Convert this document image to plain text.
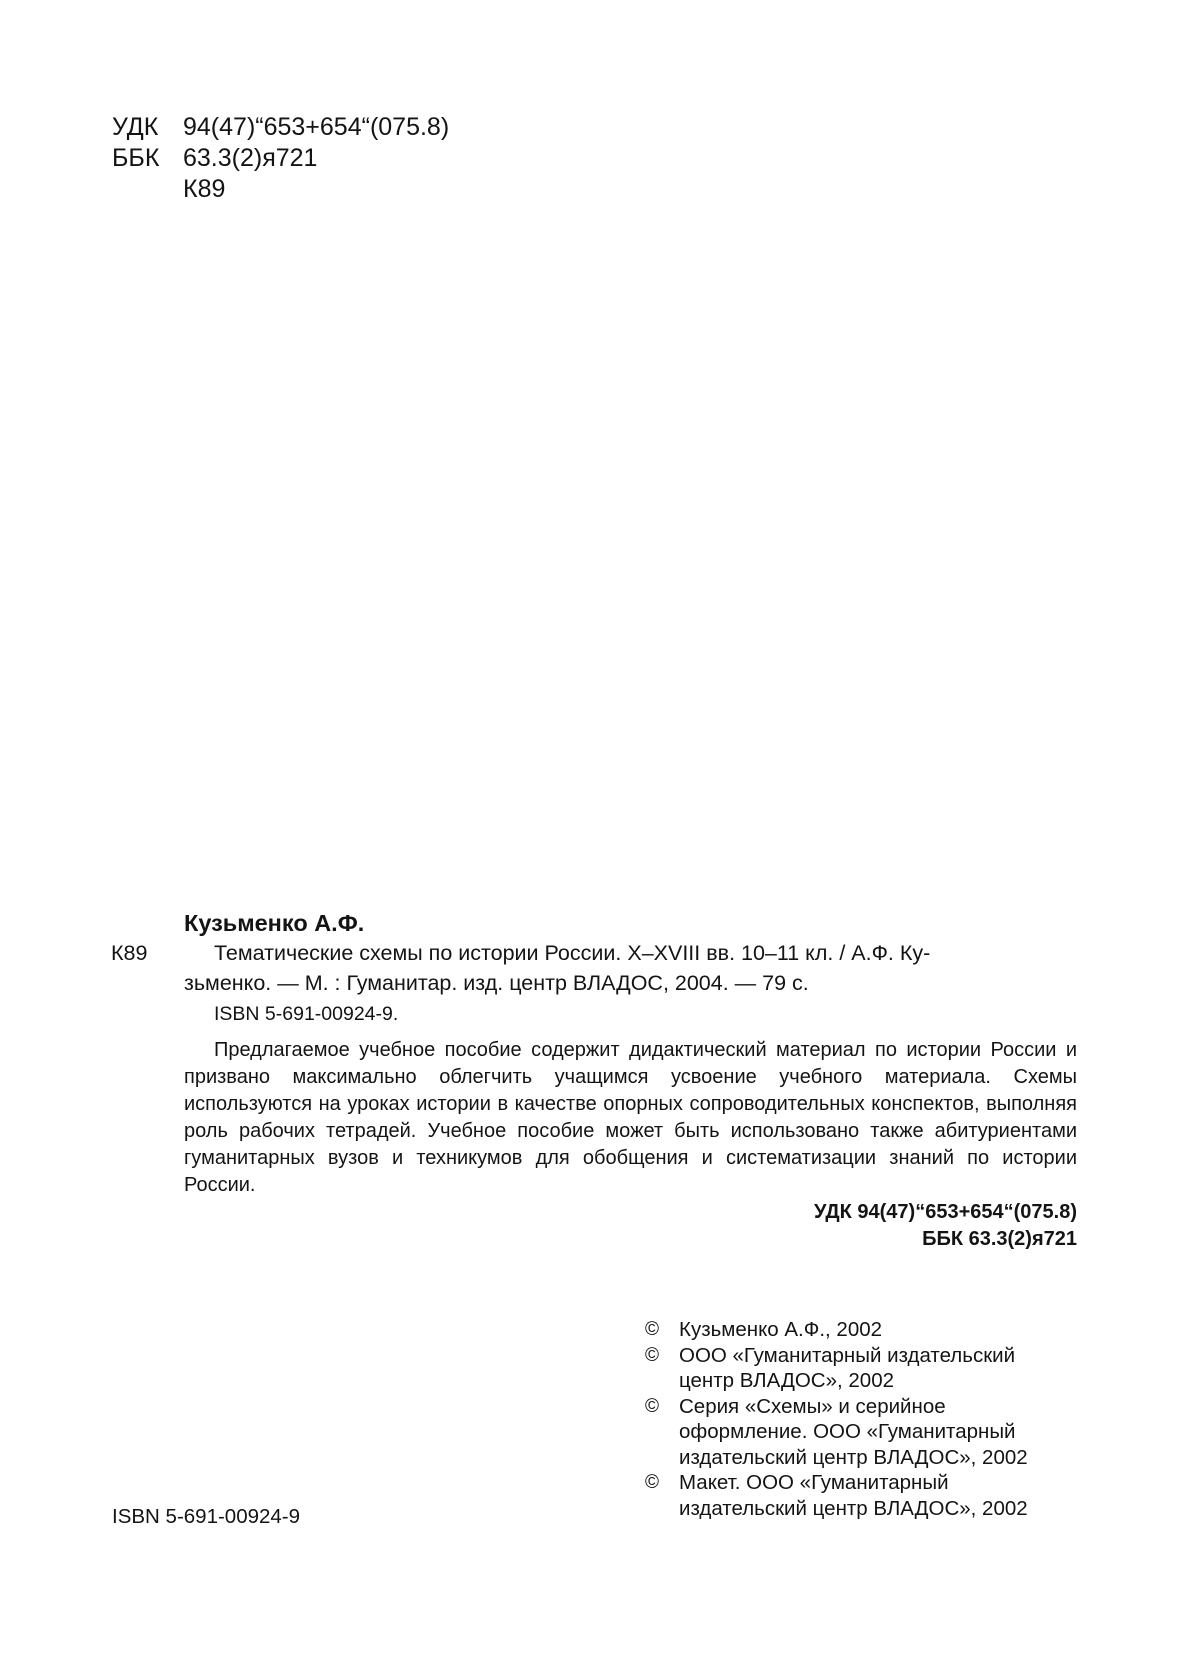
УДК 94(47)“653+654“(075.8)
ББК 63.3(2)я721
К89
Кузьменко А.Ф.
К89	Тематические схемы по истории России. X–XVIII вв. 10–11 кл. / А.Ф. Ку-
зьменко. — М. : Гуманитар. изд. центр ВЛАДОС, 2004. — 79 с.
ISBN 5-691-00924-9.

Предлагаемое учебное пособие содержит дидактический материал по истории России и призвано максимально облегчить учащимся усвоение учебного материала. Схемы используются на уроках истории в качестве опорных сопроводительных конспектов, выполняя роль рабочих тетрадей. Учебное пособие может быть использовано также абитуриентами гуманитарных вузов и техникумов для обобщения и систематизации знаний по истории России.

УДК 94(47)“653+654“(075.8)
ББК 63.3(2)я721
© Кузьменко А.Ф., 2002
© ООО «Гуманитарный издательский центр ВЛАДОС», 2002
© Серия «Схемы» и серийное оформление. ООО «Гуманитарный издательский центр ВЛАДОС», 2002
© Макет. ООО «Гуманитарный издательский центр ВЛАДОС», 2002
ISBN 5-691-00924-9
